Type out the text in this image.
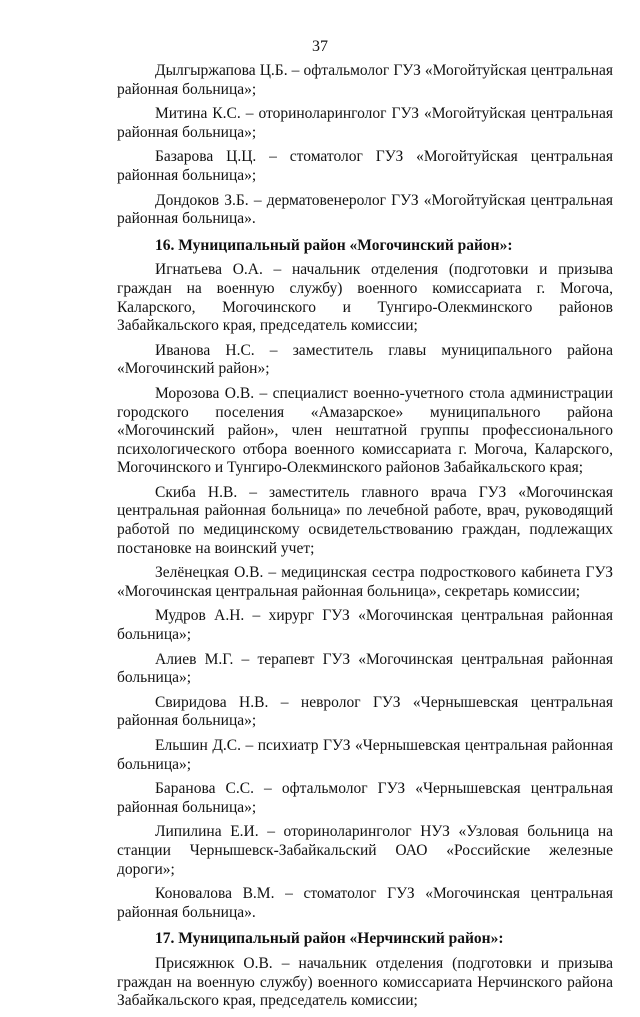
37

Дылгыржапова Ц.Б. – офтальмолог ГУЗ «Могойтуйская центральная районная больница»;

Митина К.С. – оториноларинголог ГУЗ «Могойтуйская центральная районная больница»;

Базарова Ц.Ц. – стоматолог ГУЗ «Могойтуйская центральная районная больница»;

Дондоков З.Б. – дерматовенеролог ГУЗ «Могойтуйская центральная районная больница».

16. Муниципальный район «Могочинский район»:

Игнатьева О.А. – начальник отделения (подготовки и призыва граждан на военную службу) военного комиссариата г. Могоча, Каларского, Могочинского и Тунгиро-Олекминского районов Забайкальского края, председатель комиссии;

Иванова Н.С. – заместитель главы муниципального района «Могочинский район»;

Морозова О.В. – специалист военно-учетного стола администрации городского поселения «Амазарское» муниципального района «Могочинский район», член нештатной группы профессионального психологического отбора военного комиссариата г. Могоча, Каларского, Могочинского и Тунгиро-Олекминского районов Забайкальского края;

Скиба Н.В. – заместитель главного врача ГУЗ «Могочинская центральная районная больница» по лечебной работе, врач, руководящий работой по медицинскому освидетельствованию граждан, подлежащих постановке на воинский учет;

Зелёнецкая О.В. – медицинская сестра подросткового кабинета ГУЗ «Могочинская центральная районная больница», секретарь комиссии;

Мудров А.Н. – хирург ГУЗ «Могочинская центральная районная больница»;

Алиев М.Г. – терапевт ГУЗ «Могочинская центральная районная больница»;

Свиридова Н.В. – невролог ГУЗ «Чернышевская центральная районная больница»;

Ельшин Д.С. – психиатр ГУЗ «Чернышевская центральная районная больница»;

Баранова С.С. – офтальмолог ГУЗ «Чернышевская центральная районная больница»;

Липилина Е.И. – оториноларинголог НУЗ «Узловая больница на станции Чернышевск-Забайкальский ОАО «Российские железные дороги»;

Коновалова В.М. – стоматолог ГУЗ «Могочинская центральная районная больница».

17. Муниципальный район «Нерчинский район»:

Присяжнюк О.В. – начальник отделения (подготовки и призыва граждан на военную службу) военного комиссариата Нерчинского района Забайкальского края, председатель комиссии;
